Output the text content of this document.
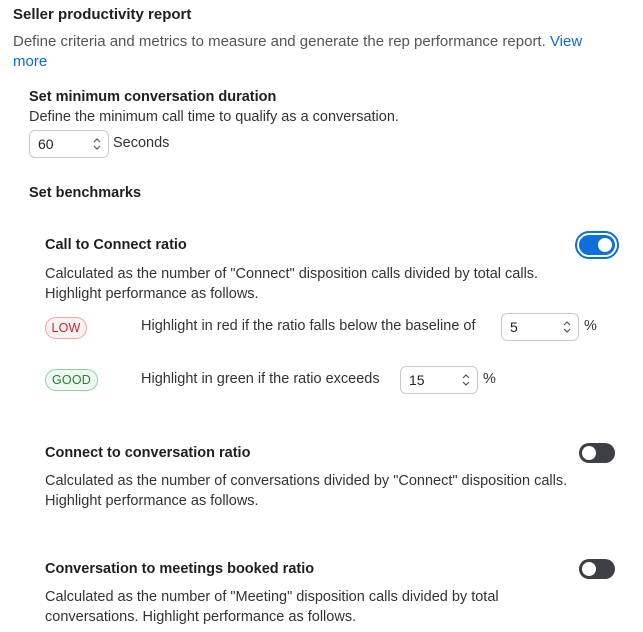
Seller productivity report
Define criteria and metrics to measure and generate the rep performance report. View more
Set minimum conversation duration
Define the minimum call time to qualify as a conversation.
60	Seconds
Set benchmarks
Call to Connect ratio
Calculated as the number of "Connect" disposition calls divided by total calls.
Highlight performance as follows.
LOW	Highlight in red if the ratio falls below the baseline of	5	%
GOOD	Highlight in green if the ratio exceeds	15	%
Connect to conversation ratio
Calculated as the number of conversations divided by "Connect" disposition calls.
Highlight performance as follows.
Conversation to meetings booked ratio
Calculated as the number of "Meeting" disposition calls divided by total
conversations. Highlight performance as follows.
